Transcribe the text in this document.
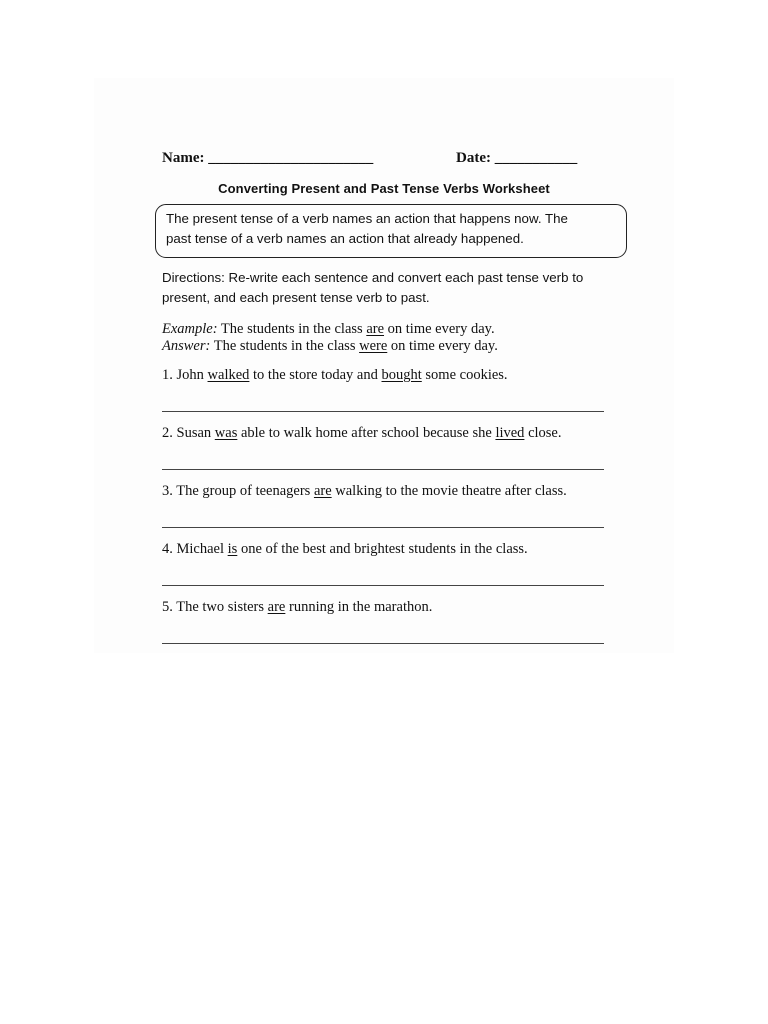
Name: ______________________	Date: ___________
Converting Present and Past Tense Verbs Worksheet
The present tense of a verb names an action that happens now. The
past tense of a verb names an action that already happened.
Directions: Re-write each sentence and convert each past tense verb to
present, and each present tense verb to past.
Example: The students in the class are on time every day.
Answer: The students in the class were on time every day.
1. John walked to the store today and bought some cookies.
2. Susan was able to walk home after school because she lived close.
3. The group of teenagers are walking to the movie theatre after class.
4. Michael is one of the best and brightest students in the class.
5. The two sisters are running in the marathon.
